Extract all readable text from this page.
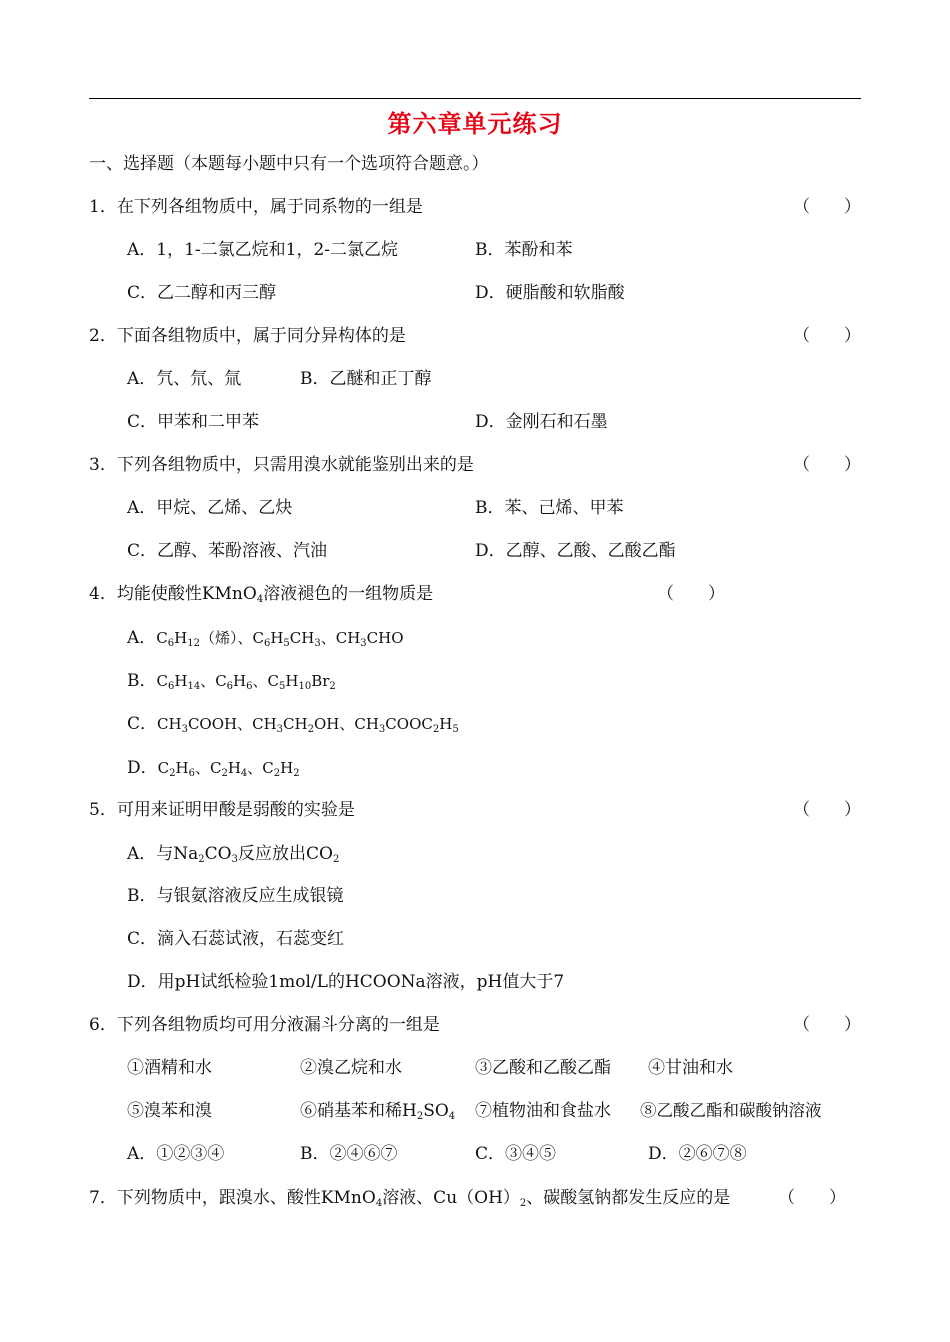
第六章单元练习
一、选择题（本题每小题中只有一个选项符合题意。）
1．在下列各组物质中，属于同系物的一组是	（　　）
A．1，1-二氯乙烷和1，2-二氯乙烷	B．苯酚和苯
C．乙二醇和丙三醇	D．硬脂酸和软脂酸
2．下面各组物质中，属于同分异构体的是	（　　）
A．氕、氘、氚	B．乙醚和正丁醇
C．甲苯和二甲苯	D．金刚石和石墨
3．下列各组物质中，只需用溴水就能鉴别出来的是	（　　）
A．甲烷、乙烯、乙炔	B．苯、己烯、甲苯
C．乙醇、苯酚溶液、汽油	D．乙醇、乙酸、乙酸乙酯
4．均能使酸性KMnO$_4$溶液褪色的一组物质是	（　　）
A．$C_6H_{12}$（烯）、$C_6H_5CH_3$、$CH_3CHO$
B．$C_6H_{14}$、$C_6H_6$、$C_5H_{10}Br_2$
C．$CH_3COOH$、$CH_3CH_2OH$、$CH_3COOC_2H_5$
D．$C_2H_6$、$C_2H_4$、$C_2H_2$
5．可用来证明甲酸是弱酸的实验是	（　　）
A．与$Na_2CO_3$反应放出$CO_2$
B．与银氨溶液反应生成银镜
C．滴入石蕊试液，石蕊变红
D．用pH试纸检验1mol/L的HCOONa溶液，pH值大于7
6．下列各组物质均可用分液漏斗分离的一组是	（　　）
①酒精和水	②溴乙烷和水	③乙酸和乙酸乙酯 ④甘油和水
⑤溴苯和溴	⑥硝基苯和稀$H_2SO_4$ ⑦植物油和食盐水 ⑧乙酸乙酯和碳酸钠溶液
A．①②③④	B．②④⑥⑦	C．③④⑤	D．②⑥⑦⑧
7．下列物质中，跟溴水、酸性KMnO$_4$溶液、$Cu(OH)_2$、碳酸氢钠都发生反应的是	（　　）
